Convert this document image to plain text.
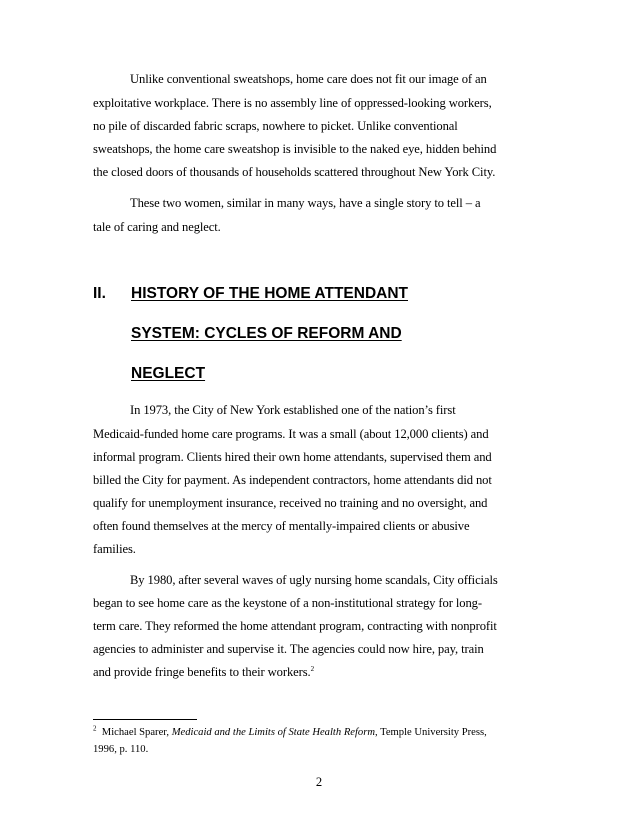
Unlike conventional sweatshops, home care does not fit our image of an
exploitative workplace. There is no assembly line of oppressed-looking workers,
no pile of discarded fabric scraps, nowhere to picket. Unlike conventional
sweatshops, the home care sweatshop is invisible to the naked eye, hidden behind
the closed doors of thousands of households scattered throughout New York City.
These two women, similar in many ways, have a single story to tell – a
tale of caring and neglect.
II. HISTORY OF THE HOME ATTENDANT
SYSTEM: CYCLES OF REFORM AND
NEGLECT
In 1973, the City of New York established one of the nation’s first
Medicaid-funded home care programs. It was a small (about 12,000 clients) and
informal program. Clients hired their own home attendants, supervised them and
billed the City for payment. As independent contractors, home attendants did not
qualify for unemployment insurance, received no training and no oversight, and
often found themselves at the mercy of mentally-impaired clients or abusive
families.
By 1980, after several waves of ugly nursing home scandals, City officials
began to see home care as the keystone of a non-institutional strategy for long-
term care. They reformed the home attendant program, contracting with nonprofit
agencies to administer and supervise it. The agencies could now hire, pay, train
and provide fringe benefits to their workers.$^2$
$^2$ Michael Sparer, Medicaid and the Limits of State Health Reform, Temple University Press,
1996, p. 110.
2
